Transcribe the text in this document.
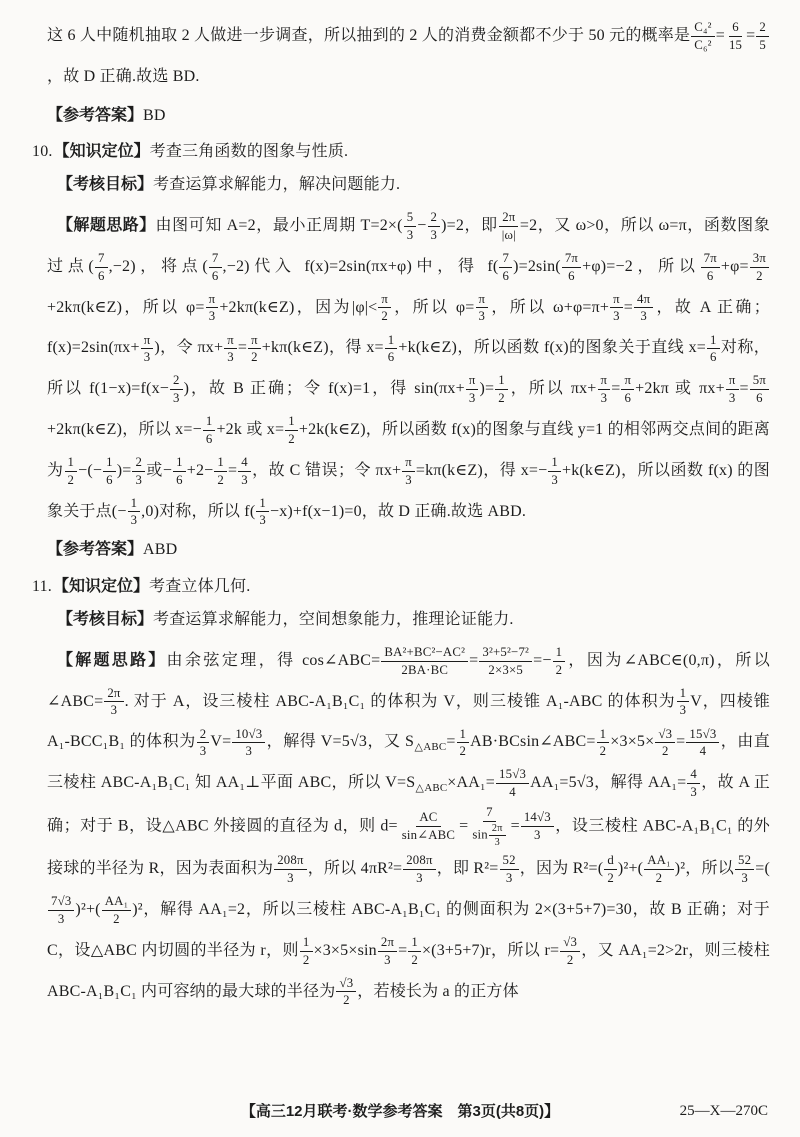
这 6 人中随机抽取 2 人做进一步调查，所以抽到的 2 人的消费金额都不少于 50 元的概率是 $\frac{\text{C₄²}}{\text{C₆²}} = \frac{6}{15} = \frac{2}{5}$
，故 D 正确.故选 BD.

【参考答案】BD

10.【知识定位】考查三角函数的图象与性质.

【考核目标】考查运算求解能力，解决问题能力.

【解题思路】由图可知 A=2，最小正周期 $T=2\times( \frac{5}{3} - \frac{2}{3} )=2$，即 $\frac{2\pi}{|\omega|} =2$，又 ω>0，所以 ω=π，函数图象过点( $\frac{7}{6} ,-2$)，将点( $\frac{7}{6} ,-2$)代入 f(x)=2sin(πx+φ)中，得 $f( \frac{7}{6} )=2\sin( \frac{7\pi}{6} +\varphi)=-2$，所以 $\frac{7\pi}{6} +\varphi= \frac{3\pi}{2}$
+2kπ(k∈Z)，所以 $\varphi= \frac{\pi}{3}$ +2kπ(k∈Z)，因为$|\varphi|< \frac{\pi}{2}$ ，所以 $\varphi= \frac{\pi}{3}$ ，所以 $\omega+\varphi=\pi+ \frac{\pi}{3} = \frac{4\pi}{3}$ ，故 A 正确；$f(x)=2\sin(\pi x+ \frac{\pi}{3}$ )，令 $\pi x+ \frac{\pi}{3} = \frac{\pi}{2}$ +kπ(k∈Z)，得 $x= \frac{1}{6}$ +k(k∈Z)，所以函数 f(x)的图象关于直线 $x= \frac{1}{6}$ 对称，所以 $f(1-x)=f(x- \frac{2}{3}$ )，故 B 正确；令 f(x)=1，得 $\sin(\pi x+ \frac{\pi}{3}$ )= $\frac{1}{2}$ ，所以 $\pi x+ \frac{\pi}{3} = \frac{\pi}{6} +2k\pi$ 或 $\pi x+ \frac{\pi}{3} = \frac{5\pi}{6}$
+2kπ(k∈Z)，所以 $x=- \frac{1}{6} +2k$ 或 $x= \frac{1}{2}$ +2k(k∈Z)，所以函数 f(x)的图象与直线 y=1 的相邻两交点间的距离为 $\frac{1}{2}$ −(− $\frac{1}{6}$ )= $\frac{2}{3}$ 或− $\frac{1}{6} +2- \frac{1}{2} = \frac{4}{3}$ ，故 C 错误；令 $\pi x+ \frac{\pi}{3}$ =kπ(k∈Z)，得 $x=- \frac{1}{3}$ +k(k∈Z)，所以函数 f(x) 的图象关于点(− $\frac{1}{3} ,0$)对称，所以 $f( \frac{1}{3} -x)+f(x-1)=0$，故 D 正确.故选 ABD.

【参考答案】ABD

11.【知识定位】考查立体几何.

【考核目标】考查运算求解能力，空间想象能力，推理论证能力.

【解题思路】由余弦定理，得 cos∠ABC= $\frac{\text{BA²+BC²−AC²}}{2BA\cdot BC} = \frac{\text{3²+5²−7²}}{2\times 3\times 5} =- \frac{1}{2}$ ，因为∠ABC∈(0,π)，所以∠ABC= $\frac{2\pi}{3}$ . 对于 A，设三棱柱 ABC-A₁B₁C₁ 的体积为 V，则三棱锥 A₁-ABC 的体积为 $\frac{1}{3}$ V，四棱锥 A₁-BCC₁B₁ 的体积为 $\frac{2}{3} V= \frac{10√3}{3}$ ，解得 V=5√3，又 $S_{\triangle ABC}= \frac{1}{2}$ AB·BCsin∠ABC= $\frac{1}{2} \times 3\times 5\times \frac{√3}{2} = \frac{15√3}{4}$ ，由直三棱柱 ABC-A₁B₁C₁ 知 AA₁⊥平面 ABC，所以 $V=S_{\triangle ABC}\times AA_1= \frac{15√3}{4} AA_1=5√3$，解得 $AA_1= \frac{4}{3}$ ，故 A 正确；对于 B，设△ABC 外接圆的直径为 d，则 d= AC
sin∠ABC
= $\frac{7}{\sin \frac{2\pi}{3}} = \frac{14√3}{3}$ ，设三棱柱 ABC-A₁B₁C₁ 的外接球的半径为 R，因为表面积为 $\frac{208\pi}{3}$ ，所以 $4\pi R^2= \frac{208\pi}{3}$ ，即 $R^2= \frac{52}{3}$ ，因为 $R^2=( \frac{d}{2} )^2+( \frac{\text{AA₁}}{2} )^2$，所以 $\frac{52}{3}$ =(
$\frac{7√3}{3} )^2+( \frac{\text{AA₁}}{2} )^2$，解得 AA₁=2，所以三棱柱 ABC-A₁B₁C₁ 的侧面积为 2×(3+5+7)=30，故 B 正确；对于 C，设△ABC 内切圆的半径为 r，则 $\frac{1}{2} \times 3\times 5\times\sin \frac{2\pi}{3} = \frac{1}{2} \times(3+5+7)r$，所以 $r= \frac{√3}{2}$ ，又 AA₁=2>2r，则三棱柱 ABC-A₁B₁C₁ 内可容纳的最大球的半径为 $\frac{√3}{2}$ ，若棱长为 a 的正方体

【高三12月联考·数学参考答案　第3页(共8页)】	25—X—270C
